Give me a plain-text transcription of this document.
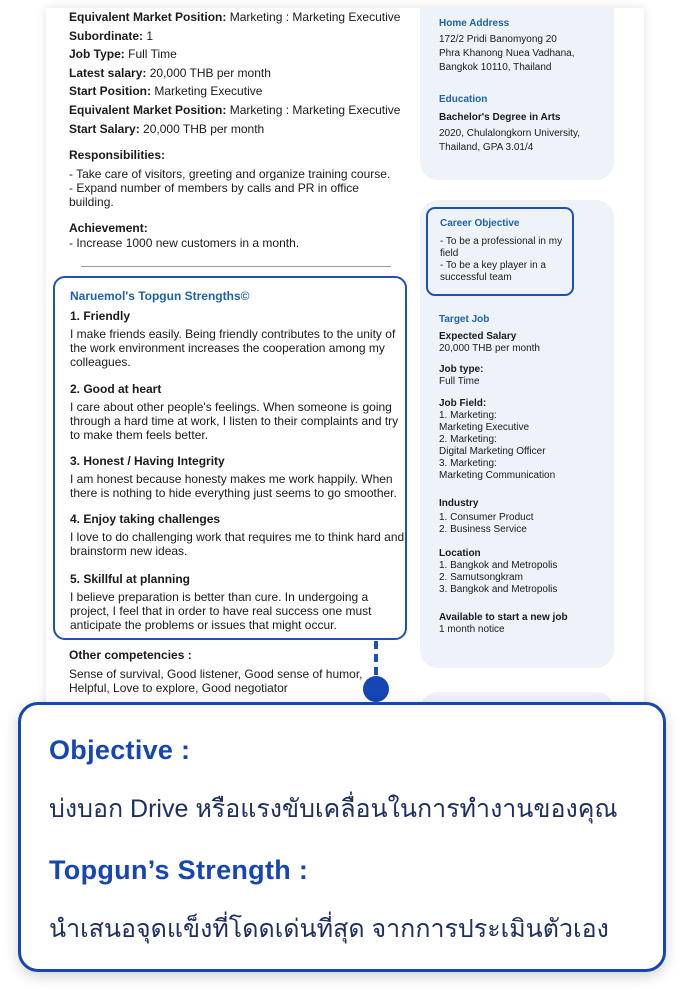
Equivalent Market Position: Marketing : Marketing Executive
Subordinate: 1
Job Type: Full Time
Latest salary: 20,000 THB per month
Start Position: Marketing Executive
Equivalent Market Position: Marketing : Marketing Executive
Start Salary: 20,000 THB per month
Responsibilities:
- Take care of visitors, greeting and organize training course.
- Expand number of members by calls and PR in office building.
Achievement:
- Increase 1000 new customers in a month.
Naruemol's Topgun Strengths©
1. Friendly
I make friends easily. Being friendly contributes to the unity of the work environment increases the cooperation among my colleagues.
2. Good at heart
I care about other people's feelings. When someone is going through a hard time at work, I listen to their complaints and try to make them feels better.
3. Honest / Having Integrity
I am honest because honesty makes me work happily. When there is nothing to hide everything just seems to go smoother.
4. Enjoy taking challenges
I love to do challenging work that requires me to think hard and brainstorm new ideas.
5. Skillful at planning
I believe preparation is better than cure. In undergoing a project, I feel that in order to have real success one must anticipate the problems or issues that might occur.
Other competencies :
Sense of survival, Good listener, Good sense of humor, Helpful, Love to explore, Good negotiator
Home Address
172/2 Pridi Banomyong 20
Phra Khanong Nuea Vadhana,
Bangkok 10110, Thailand
Education
Bachelor's Degree in Arts
2020, Chulalongkorn University,
Thailand, GPA 3.01/4
Career Objective
- To be a professional in my field
- To be a key player in a successful team
Target Job
Expected Salary
20,000 THB per month
Job type:
Full Time
Job Field:
1. Marketing:
Marketing Executive
2. Marketing:
Digital Marketing Officer
3. Marketing:
Marketing Communication
Industry
1. Consumer Product
2. Business Service
Location
1. Bangkok and Metropolis
2. Samutsongkram
3. Bangkok and Metropolis
Available to start a new job
1 month notice
Objective :
บ่งบอก Drive หรือแรงขับเคลื่อนในการทำงานของคุณ
Topgun’s Strength :
นำเสนอจุดแข็งที่โดดเด่นที่สุด จากการประเมินตัวเอง
